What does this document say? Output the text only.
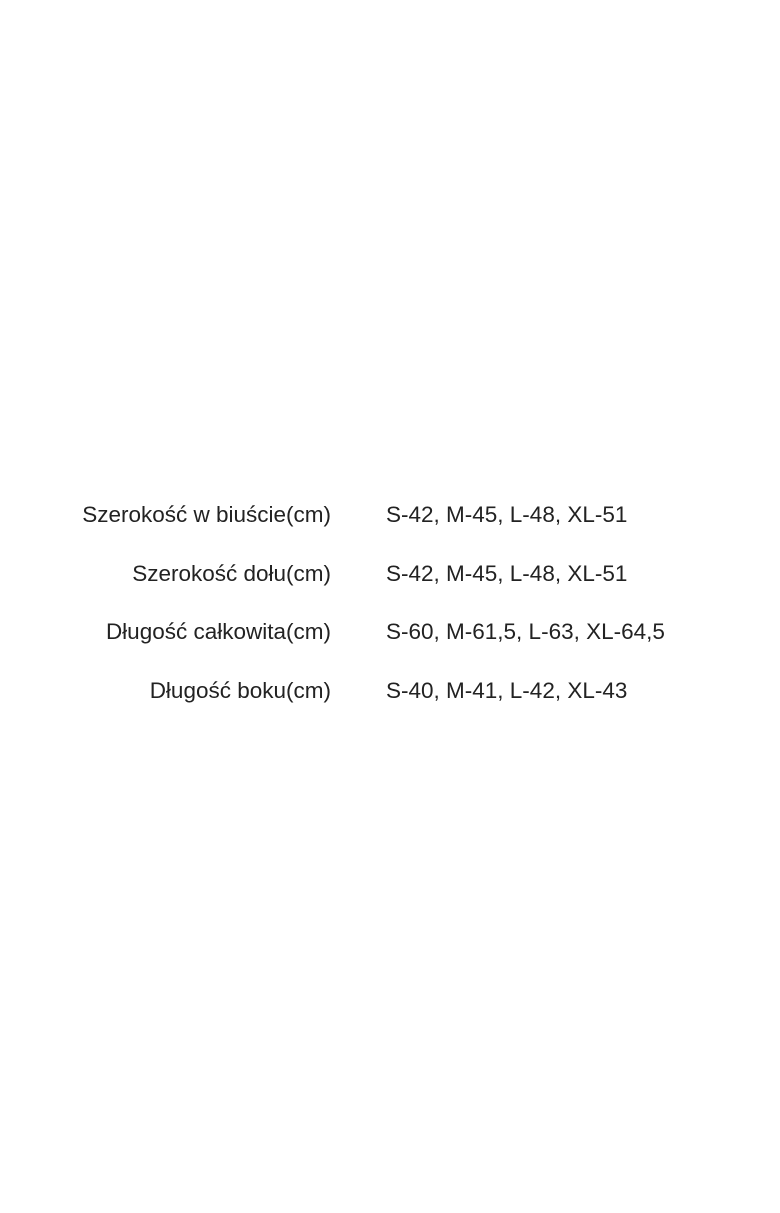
Szerokość w biuście(cm) S-42, M-45, L-48, XL-51
Szerokość dołu(cm) S-42, M-45, L-48, XL-51
Długość całkowita(cm) S-60, M-61,5, L-63, XL-64,5
Długość boku(cm) S-40, M-41, L-42, XL-43
